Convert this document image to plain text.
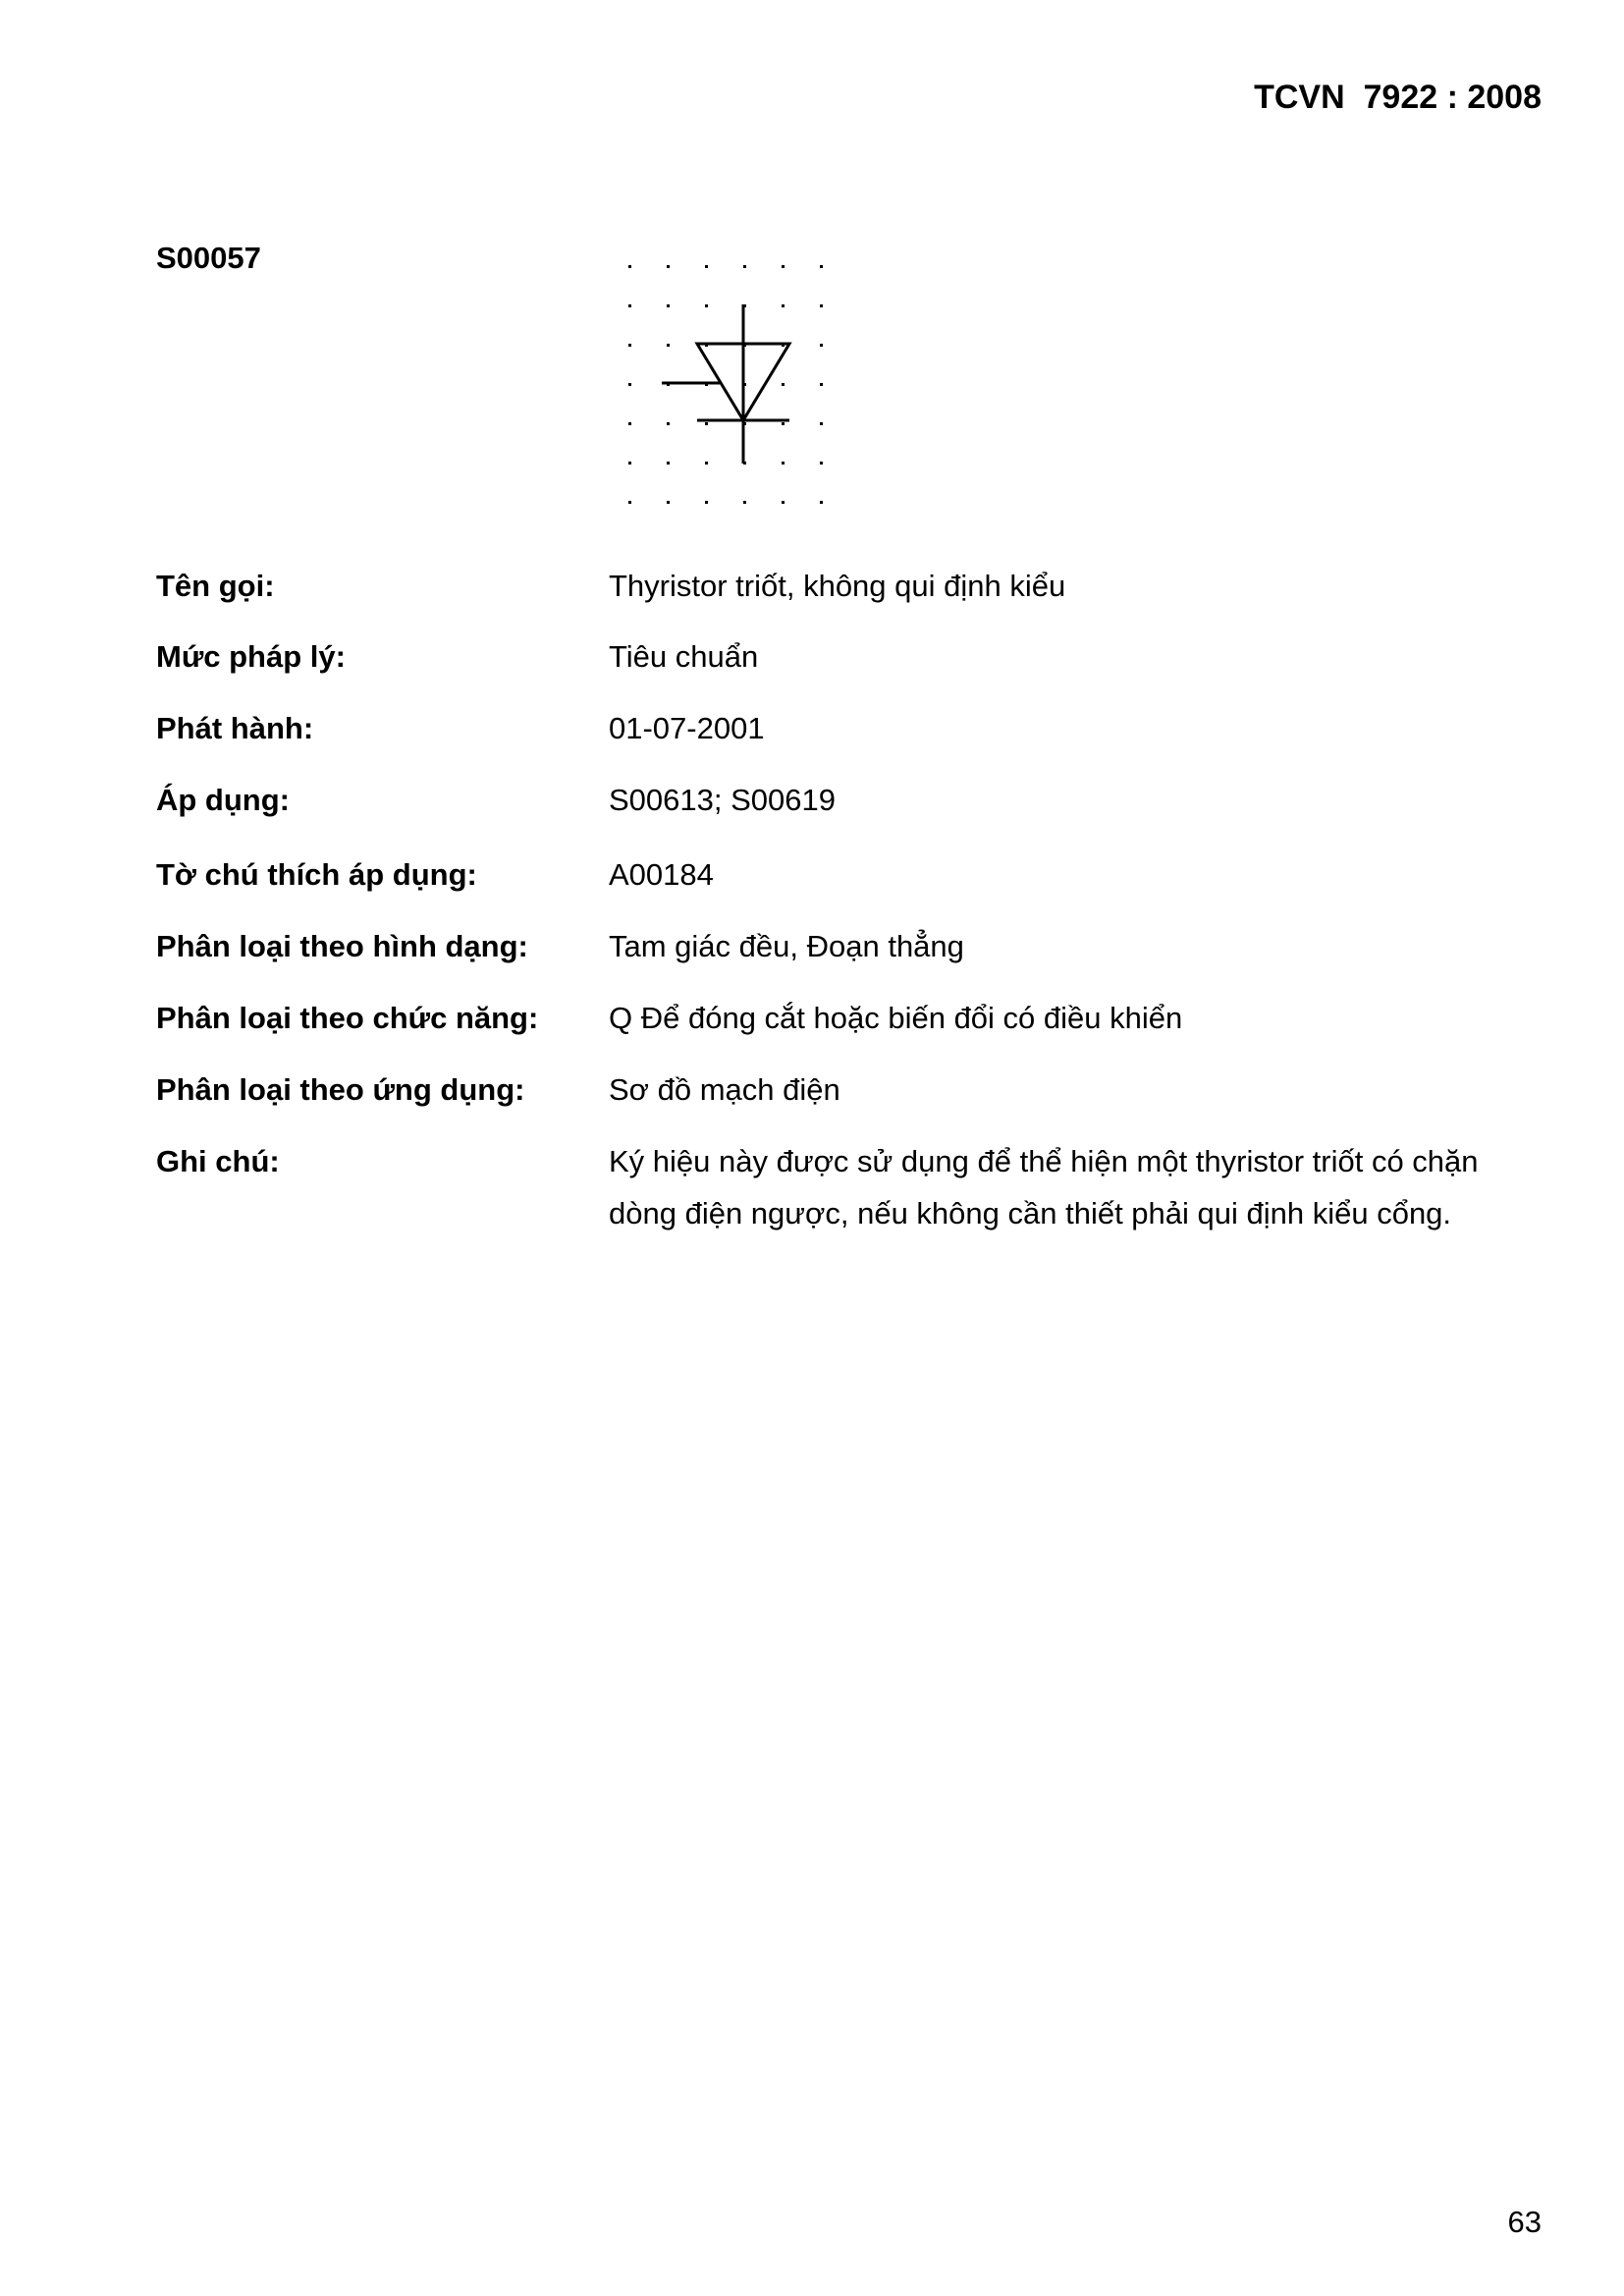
TCVN  7922 : 2008
S00057
Tên gọi:	Thyristor triốt, không qui định kiểu
Mức pháp lý:	Tiêu chuẩn
Phát hành:	01-07-2001
Áp dụng:	S00613; S00619
Tờ chú thích áp dụng:	A00184
Phân loại theo hình dạng:	Tam giác đều, Đoạn thẳng
Phân loại theo chức năng:	Q Để đóng cắt hoặc biến đổi có điều khiển
Phân loại theo ứng dụng:	Sơ đồ mạch điện
Ghi chú:	Ký hiệu này được sử dụng để thể hiện một thyristor triốt có chặn dòng điện ngược, nếu không cần thiết phải qui định kiểu cổng.
63
